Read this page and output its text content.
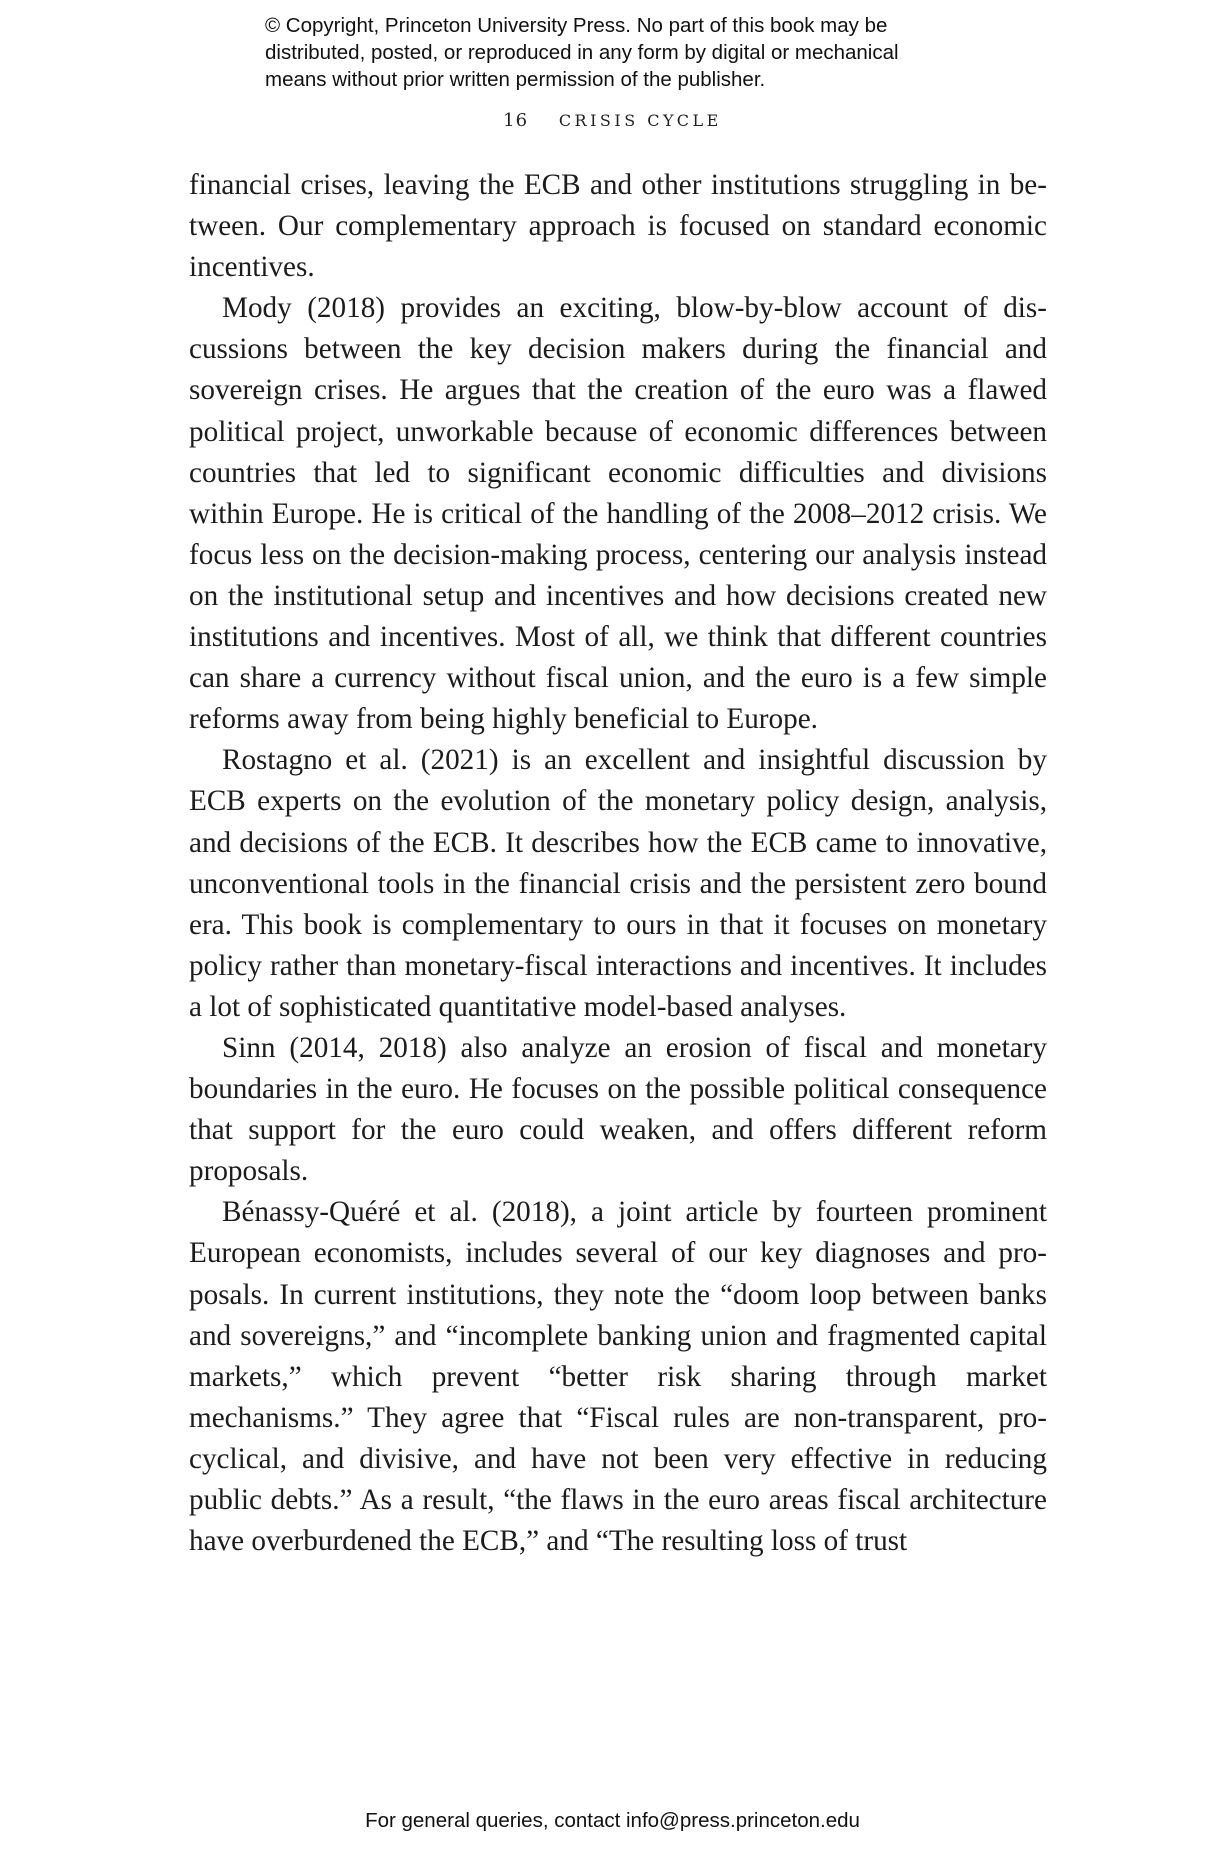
© Copyright, Princeton University Press. No part of this book may be
distributed, posted, or reproduced in any form by digital or mechanical
means without prior written permission of the publisher.
16 CRISIS CYCLE

financial crises, leaving the ECB and other institutions struggling in between. Our complementary approach is focused on standard economic incentives.

Mody (2018) provides an exciting, blow-by-blow account of discussions between the key decision makers during the financial and sovereign crises. He argues that the creation of the euro was a flawed political project, unworkable because of economic differences between countries that led to significant economic difficulties and divisions within Europe. He is critical of the handling of the 2008–2012 crisis. We focus less on the decision-making process, centering our analysis instead on the institutional setup and incentives and how decisions created new institutions and incentives. Most of all, we think that different countries can share a currency without fiscal union, and the euro is a few simple reforms away from being highly beneficial to Europe.

Rostagno et al. (2021) is an excellent and insightful discussion by ECB experts on the evolution of the monetary policy design, analysis, and decisions of the ECB. It describes how the ECB came to innovative, unconventional tools in the financial crisis and the persistent zero bound era. This book is complementary to ours in that it focuses on monetary policy rather than monetary-fiscal interactions and incentives. It includes a lot of sophisticated quantitative model-based analyses.

Sinn (2014, 2018) also analyze an erosion of fiscal and monetary boundaries in the euro. He focuses on the possible political consequence that support for the euro could weaken, and offers different reform proposals.

Bénassy-Quéré et al. (2018), a joint article by fourteen prominent European economists, includes several of our key diagnoses and proposals. In current institutions, they note the “doom loop between banks and sovereigns,” and “incomplete banking union and fragmented capital markets,” which prevent “better risk sharing through market mechanisms.” They agree that “Fiscal rules are non-transparent, procyclical, and divisive, and have not been very effective in reducing public debts.” As a result, “the flaws in the euro areas fiscal architecture have overburdened the ECB,” and “The resulting loss of trust

For general queries, contact info@press.princeton.edu
